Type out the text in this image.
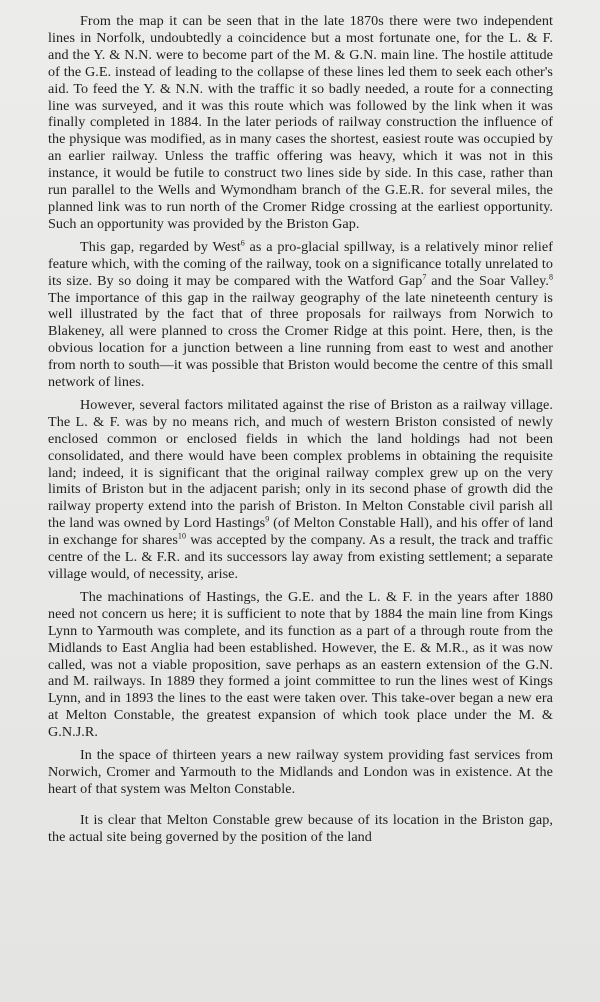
From the map it can be seen that in the late 1870s there were two independent lines in Norfolk, undoubtedly a coincidence but a most fortunate one, for the L. & F. and the Y. & N.N. were to become part of the M. & G.N. main line. The hostile attitude of the G.E. instead of leading to the collapse of these lines led them to seek each other's aid. To feed the Y. & N.N. with the traffic it so badly needed, a route for a connecting line was surveyed, and it was this route which was followed by the link when it was finally completed in 1884. In the later periods of railway construction the influence of the physique was modified, as in many cases the shortest, easiest route was occupied by an earlier railway. Unless the traffic offering was heavy, which it was not in this instance, it would be futile to construct two lines side by side. In this case, rather than run parallel to the Wells and Wymondham branch of the G.E.R. for several miles, the planned link was to run north of the Cromer Ridge crossing at the earliest opportunity. Such an opportunity was provided by the Briston Gap.

This gap, regarded by West$^6$ as a pro-glacial spillway, is a relatively minor relief feature which, with the coming of the railway, took on a significance totally unrelated to its size. By so doing it may be compared with the Watford Gap$^7$ and the Soar Valley.$^8$ The importance of this gap in the railway geography of the late nineteenth century is well illustrated by the fact that of three proposals for railways from Norwich to Blakeney, all were planned to cross the Cromer Ridge at this point. Here, then, is the obvious location for a junction between a line running from east to west and another from north to south—it was possible that Briston would become the centre of this small network of lines.

However, several factors militated against the rise of Briston as a railway village. The L. & F. was by no means rich, and much of western Briston consisted of newly enclosed common or enclosed fields in which the land holdings had not been consolidated, and there would have been complex problems in obtaining the requisite land; indeed, it is significant that the original railway complex grew up on the very limits of Briston but in the adjacent parish; only in its second phase of growth did the railway property extend into the parish of Briston. In Melton Constable civil parish all the land was owned by Lord Hastings$^9$ (of Melton Constable Hall), and his offer of land in exchange for shares$^{10}$ was accepted by the company. As a result, the track and traffic centre of the L. & F.R. and its successors lay away from existing settlement; a separate village would, of necessity, arise.

The machinations of Hastings, the G.E. and the L. & F. in the years after 1880 need not concern us here; it is sufficient to note that by 1884 the main line from Kings Lynn to Yarmouth was complete, and its function as a part of a through route from the Midlands to East Anglia had been established. However, the E. & M.R., as it was now called, was not a viable proposition, save perhaps as an eastern extension of the G.N. and M. railways. In 1889 they formed a joint committee to run the lines west of Kings Lynn, and in 1893 the lines to the east were taken over. This take-over began a new era at Melton Constable, the greatest expansion of which took place under the M. & G.N.J.R.

In the space of thirteen years a new railway system providing fast services from Norwich, Cromer and Yarmouth to the Midlands and London was in existence. At the heart of that system was Melton Constable.

It is clear that Melton Constable grew because of its location in the Briston gap, the actual site being governed by the position of the land
